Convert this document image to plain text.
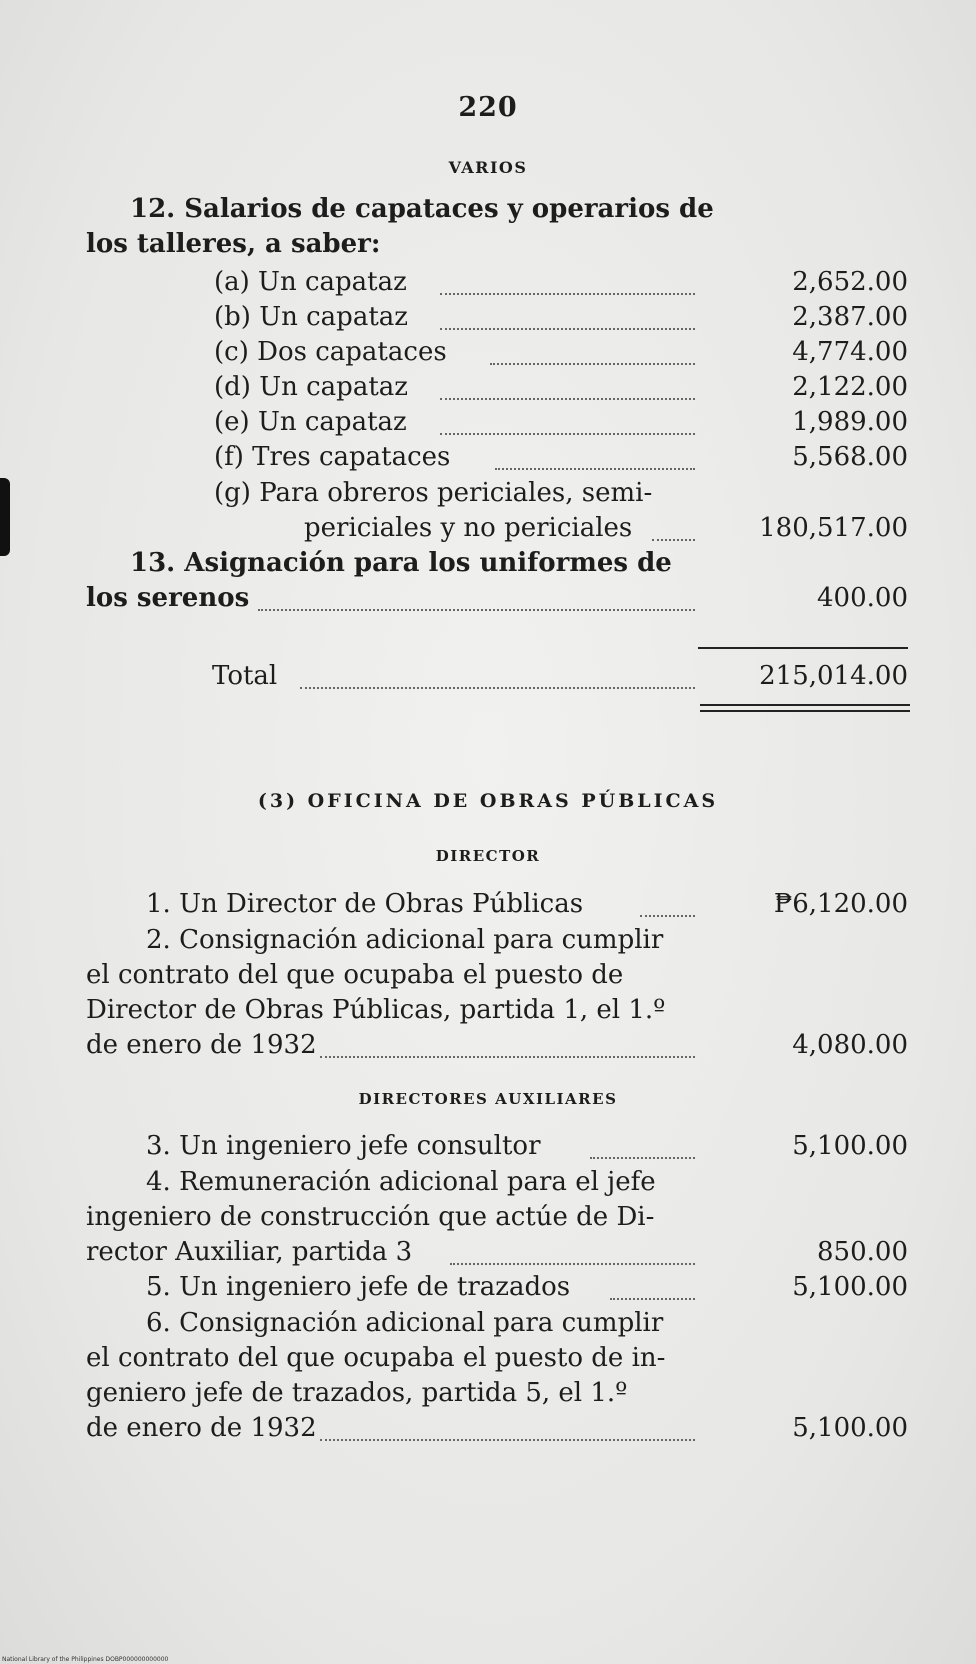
220
VARIOS
12. Salarios de capataces y operarios de
los talleres, a saber:
(a) Un capataz	2,652.00
(b) Un capataz	2,387.00
(c) Dos capataces	4,774.00
(d) Un capataz	2,122.00
(e) Un capataz	1,989.00
(f) Tres capataces	5,568.00
(g) Para obreros periciales, semi-
periciales y no periciales	180,517.00
13. Asignación para los uniformes de
los serenos	400.00
Total	215,014.00
(3) OFICINA DE OBRAS PÚBLICAS
DIRECTOR
1. Un Director de Obras Públicas	₱6,120.00
2. Consignación adicional para cumplir
el contrato del que ocupaba el puesto de
Director de Obras Públicas, partida 1, el 1.º
de enero de 1932	4,080.00
DIRECTORES AUXILIARES
3. Un ingeniero jefe consultor	5,100.00
4. Remuneración adicional para el jefe
ingeniero de construcción que actúe de Di-
rector Auxiliar, partida 3	850.00
5. Un ingeniero jefe de trazados	5,100.00
6. Consignación adicional para cumplir
el contrato del que ocupaba el puesto de in-
geniero jefe de trazados, partida 5, el 1.º
de enero de 1932	5,100.00
National Library of the Philippines DOBP000000000000
